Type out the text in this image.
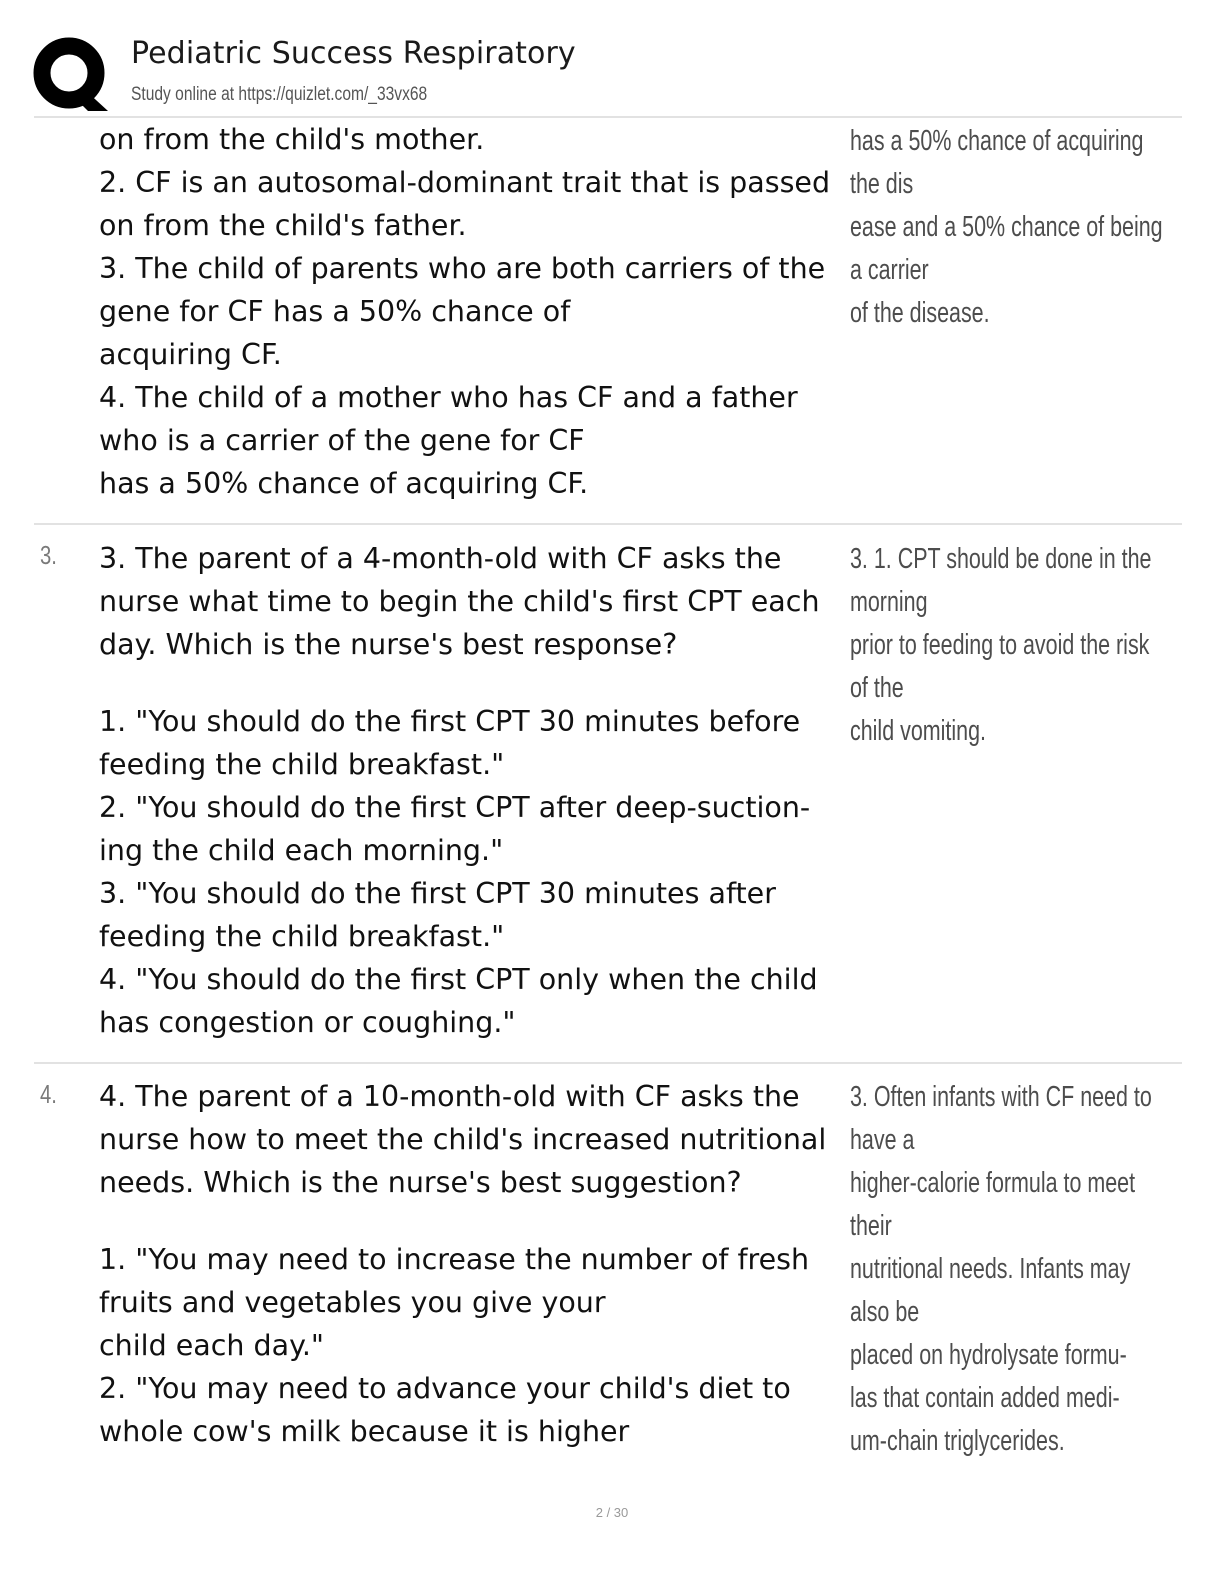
Pediatric Success Respiratory
Study online at https://quizlet.com/_33vx68
on from the child's mother.
2. CF is an autosomal-dominant trait that is passed
on from the child's father.
3. The child of parents who are both carriers of the
gene for CF has a 50% chance of
acquiring CF.
4. The child of a mother who has CF and a father
who is a carrier of the gene for CF
has a 50% chance of acquiring CF.
has a 50% chance of acquiring
the dis
ease and a 50% chance of being
a carrier
of the disease.
3. 3. The parent of a 4-month-old with CF asks the
nurse what time to begin the child's first CPT each
day. Which is the nurse's best response?
1. "You should do the first CPT 30 minutes before
feeding the child breakfast."
2. "You should do the first CPT after deep-suction-
ing the child each morning."
3. "You should do the first CPT 30 minutes after
feeding the child breakfast."
4. "You should do the first CPT only when the child
has congestion or coughing."
3. 1. CPT should be done in the
morning
prior to feeding to avoid the risk
of the
child vomiting.
4. 4. The parent of a 10-month-old with CF asks the
nurse how to meet the child's increased nutritional
needs. Which is the nurse's best suggestion?
1. "You may need to increase the number of fresh
fruits and vegetables you give your
child each day."
2. "You may need to advance your child's diet to
whole cow's milk because it is higher
3. Often infants with CF need to
have a
higher-calorie formula to meet
their
nutritional needs. Infants may
also be
placed on hydrolysate formu-
las that contain added medi-
um-chain triglycerides.
2 / 30
